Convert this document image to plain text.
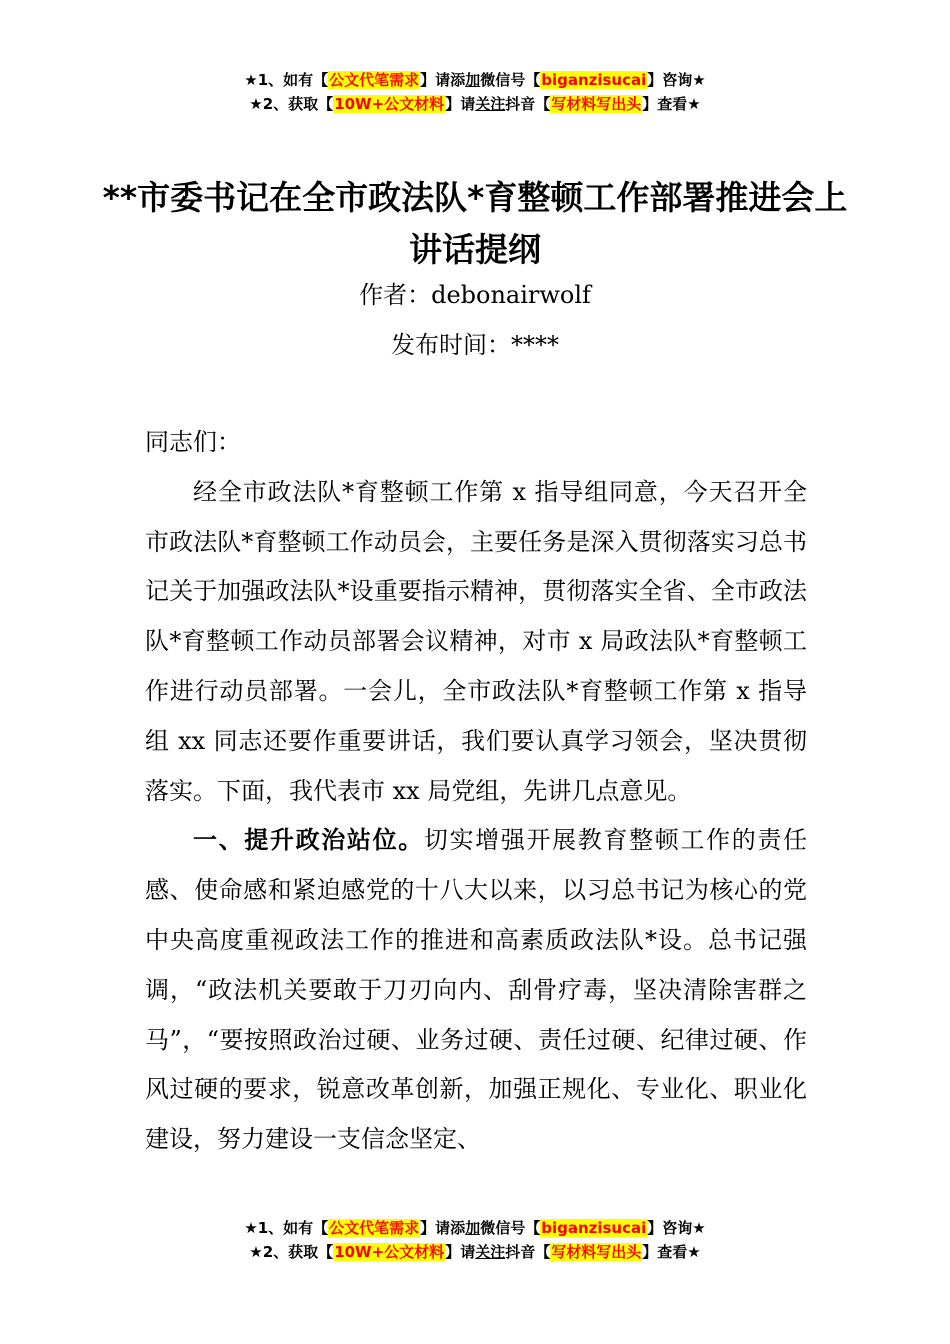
★1、如有【公文代笔需求】请添加微信号【biganzisucai】咨询★
★2、获取【10W+公文材料】请关注抖音【写材料写出头】查看★
**市委书记在全市政法队*育整顿工作部署推进会上讲话提纲
作者：debonairwolf
发布时间：****

同志们：

经全市政法队*育整顿工作第 x 指导组同意，今天召开全市政法队*育整顿工作动员会，主要任务是深入贯彻落实习总书记关于加强政法队*设重要指示精神，贯彻落实全省、全市政法队*育整顿工作动员部署会议精神，对市 x 局政法队*育整顿工作进行动员部署。一会儿，全市政法队*育整顿工作第 x 指导组 xx 同志还要作重要讲话，我们要认真学习领会，坚决贯彻落实。下面，我代表市 xx 局党组，先讲几点意见。

一、提升政治站位。切实增强开展教育整顿工作的责任感、使命感和紧迫感党的十八大以来，以习总书记为核心的党中央高度重视政法工作的推进和高素质政法队*设。总书记强调，“政法机关要敢于刀刃向内、刮骨疗毒，坚决清除害群之马”，“要按照政治过硬、业务过硬、责任过硬、纪律过硬、作风过硬的要求，锐意改革创新，加强正规化、专业化、职业化建设，努力建设一支信念坚定、

★1、如有【公文代笔需求】请添加微信号【biganzisucai】咨询★
★2、获取【10W+公文材料】请关注抖音【写材料写出头】查看★
